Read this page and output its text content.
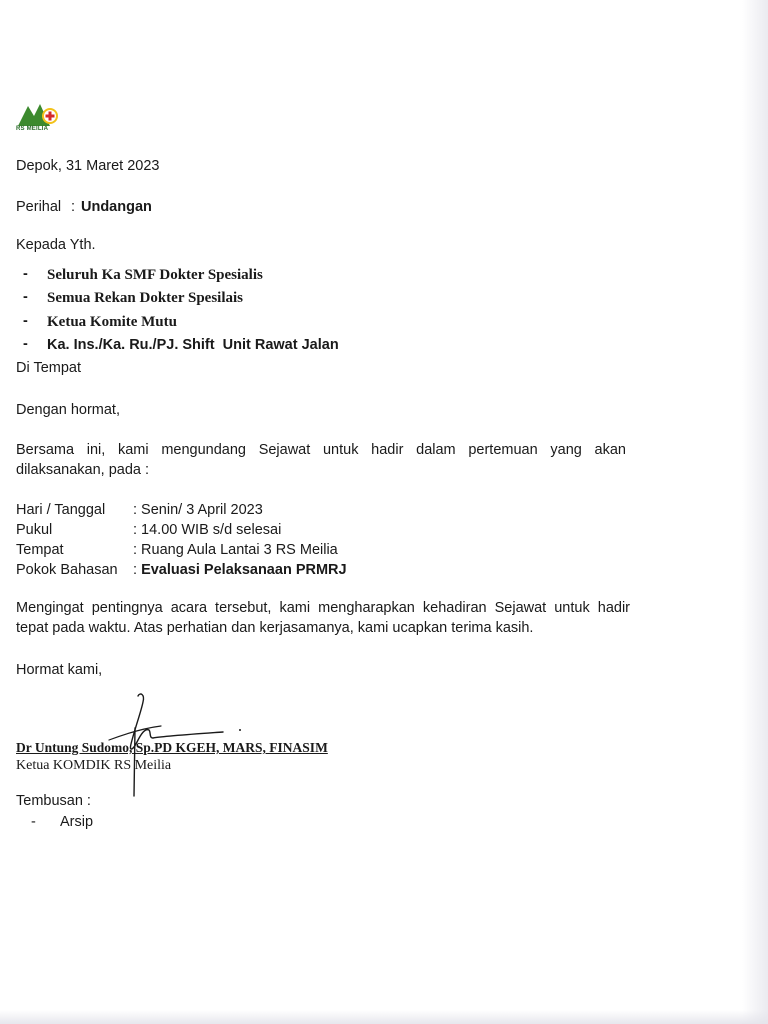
RS MEILIA
Depok, 31 Maret 2023
Perihal : Undangan
Kepada Yth.
- Seluruh Ka SMF Dokter Spesialis
- Semua Rekan Dokter Spesilais
- Ketua Komite Mutu
- Ka. Ins./Ka. Ru./PJ. Shift  Unit Rawat Jalan
Di Tempat
Dengan hormat,
Bersama ini, kami mengundang Sejawat untuk hadir dalam pertemuan yang akan
dilaksanakan, pada :
Hari / Tanggal : Senin/ 3 April 2023
Pukul	: 14.00 WIB s/d selesai
Tempat	: Ruang Aula Lantai 3 RS Meilia
Pokok Bahasan : Evaluasi Pelaksanaan PRMRJ
Mengingat pentingnya acara tersebut, kami mengharapkan kehadiran Sejawat untuk hadir
tepat pada waktu. Atas perhatian dan kerjasamanya, kami ucapkan terima kasih.
Hormat kami,
Dr Untung Sudomo, Sp.PD KGEH, MARS, FINASIM
Ketua KOMDIK RS Meilia
Tembusan :
- Arsip
